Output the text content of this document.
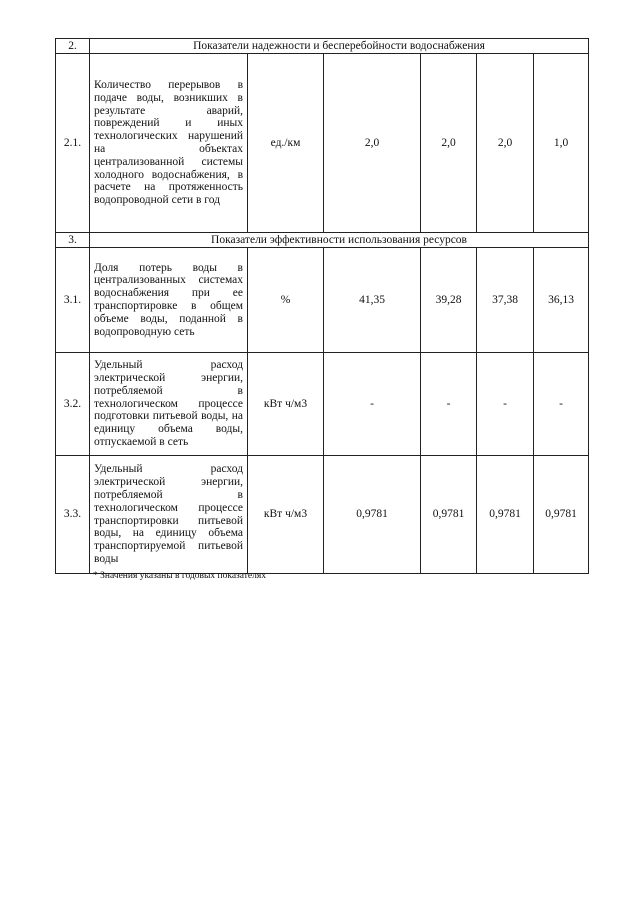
2.	Показатели надежности и бесперебойности водоснабжения					
2.1.	Количество перерывов в подаче воды, возникших в результате аварий, повреждений и иных технологических нарушений на объектах централизованной системы холодного водоснабжения, в расчете на протяженность водопроводной сети в год	ед./км	2,0	2,0	2,0	1,0
3.	Показатели эффективности использования ресурсов					
3.1.	Доля потерь воды в централизованных системах водоснабжения при ее транспортировке в общем объеме воды, поданной в водопроводную сеть	%	41,35	39,28	37,38	36,13
3.2.	Удельный расход электрической энергии, потребляемой в технологическом процессе подготовки питьевой воды, на единицу объема воды, отпускаемой в сеть	кВт ч/м3	-	-	-	-
3.3.	Удельный расход электрической энергии, потребляемой в технологическом процессе транспортировки питьевой воды, на единицу объема транспортируемой питьевой воды	кВт ч/м3	0,9781	0,9781	0,9781	0,9781
* Значения указаны в годовых показателях
